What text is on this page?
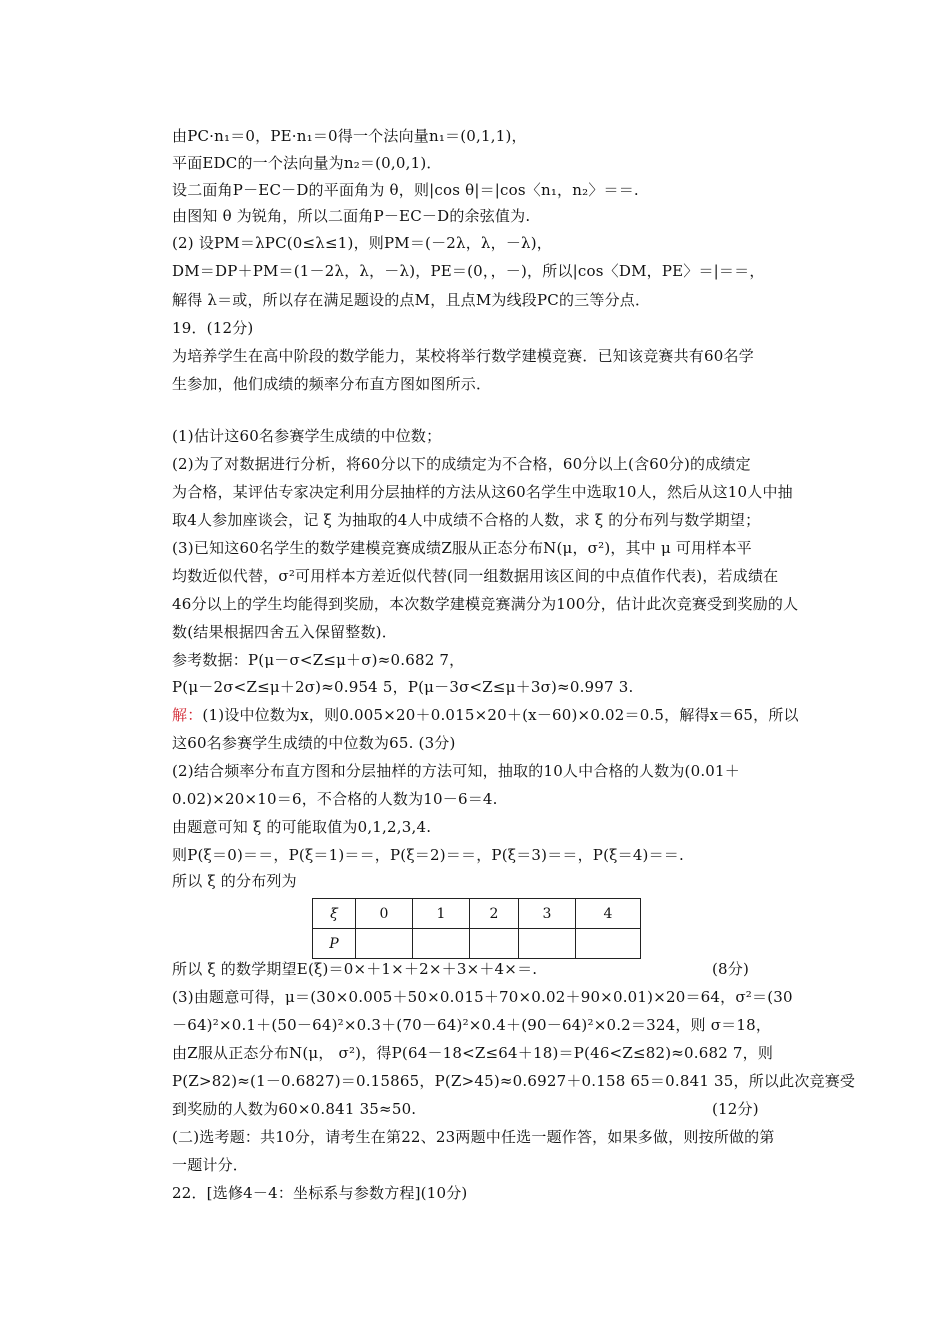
由PC·n₁＝0，PE·n₁＝0得一个法向量n₁＝(0,1,1)，
平面EDC的一个法向量为n₂＝(0,0,1)．
设二面角P－EC－D的平面角为 θ，则|cos θ|＝|cos〈n₁，n₂〉＝＝.
由图知 θ 为锐角，所以二面角P－EC－D的余弦值为.
(2) 设PM＝λPC(0≤λ≤1)，则PM＝(－2λ，λ，－λ)，
DM＝DP＋PM＝(1－2λ，λ，－λ)，PE＝(0，，－)，所以|cos〈DM，PE〉＝|＝＝，
解得 λ＝或，所以存在满足题设的点M，且点M为线段PC的三等分点．
19．(12分)
为培养学生在高中阶段的数学能力，某校将举行数学建模竞赛．已知该竞赛共有60名学
生参加，他们成绩的频率分布直方图如图所示．
(1)估计这60名参赛学生成绩的中位数；
(2)为了对数据进行分析，将60分以下的成绩定为不合格，60分以上(含60分)的成绩定
为合格，某评估专家决定利用分层抽样的方法从这60名学生中选取10人，然后从这10人中抽
取4人参加座谈会，记 ξ 为抽取的4人中成绩不合格的人数，求 ξ 的分布列与数学期望；
(3)已知这60名学生的数学建模竞赛成绩Z服从正态分布N(μ，σ²)，其中 μ 可用样本平
均数近似代替，σ²可用样本方差近似代替(同一组数据用该区间的中点值作代表)，若成绩在
46分以上的学生均能得到奖励，本次数学建模竞赛满分为100分，估计此次竞赛受到奖励的人
数(结果根据四舍五入保留整数)．
参考数据：P(μ－σ<Z≤μ＋σ)≈0.682 7，
P(μ－2σ<Z≤μ＋2σ)≈0.954 5，P(μ－3σ<Z≤μ＋3σ)≈0.997 3.
解：(1)设中位数为x，则0.005×20＋0.015×20＋(x－60)×0.02＝0.5，解得x＝65，所以
这60名参赛学生成绩的中位数为65. (3分)
(2)结合频率分布直方图和分层抽样的方法可知，抽取的10人中合格的人数为(0.01＋
0.02)×20×10＝6，不合格的人数为10－6＝4.
由题意可知 ξ 的可能取值为0,1,2,3,4.
则P(ξ＝0)＝＝，P(ξ＝1)＝＝，P(ξ＝2)＝＝，P(ξ＝3)＝＝，P(ξ＝4)＝＝.
所以 ξ 的分布列为
ξ	0	1	2	3	4
P					
所以 ξ 的数学期望E(ξ)＝0×＋1×＋2×＋3×＋4×＝.	(8分)
(3)由题意可得，μ＝(30×0.005＋50×0.015＋70×0.02＋90×0.01)×20＝64，σ²＝(30
－64)²×0.1＋(50－64)²×0.3＋(70－64)²×0.4＋(90－64)²×0.2＝324，则 σ＝18，
由Z服从正态分布N(μ， σ²)，得P(64－18<Z≤64＋18)＝P(46<Z≤82)≈0.682 7，则
P(Z>82)≈(1－0.6827)＝0.15865，P(Z>45)≈0.6927＋0.158 65＝0.841 35，所以此次竞赛受
到奖励的人数为60×0.841 35≈50.	(12分)
(二)选考题：共10分，请考生在第22、23两题中任选一题作答，如果多做，则按所做的第
一题计分．
22．[选修4－4：坐标系与参数方程](10分)
